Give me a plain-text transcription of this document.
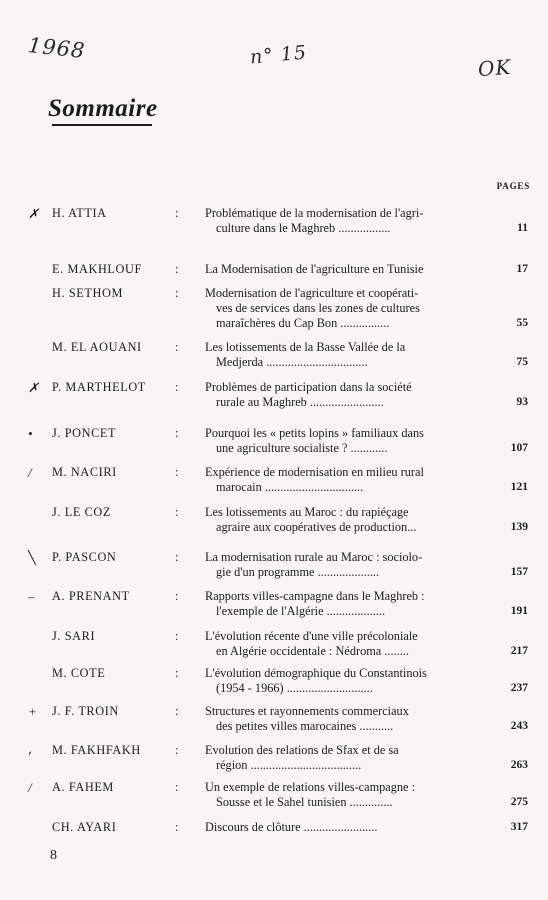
1968	n° 15	OK
Sommaire
PAGES
✗ H. ATTIA	: Problématique de la modernisation de l'agri-
culture dans le Maghreb .................	11
E. MAKHLOUF	: La Modernisation de l'agriculture en Tunisie	17
H. SETHOM	: Modernisation de l'agriculture et coopérati-
ves de services dans les zones de cultures
maraîchères du Cap Bon ................	55
M. EL AOUANI	: Les lotissements de la Basse Vallée de la
Medjerda .................................	75
✗ P. MARTHELOT : Problèmes de participation dans la société
rurale au Maghreb ........................	93
• J. PONCET	: Pourquoi les « petits lopins » familiaux dans
une agriculture socialiste ? ............	107
/ M. NACIRI	: Expérience de modernisation en milieu rural
marocain ................................	121
J. LE COZ	: Les lotissements au Maroc : du rapiéçage
agraire aux coopératives de production...	139
╲ P. PASCON	: La modernisation rurale au Maroc : sociolo-
gie d'un programme ....................	157
– A. PRENANT	: Rapports villes-campagne dans le Maghreb :
l'exemple de l'Algérie ...................	191
J. SARI	: L'évolution récente d'une ville précoloniale
en Algérie occidentale : Nédroma ........	217
M. COTE	: L'évolution démographique du Constantinois
(1954 - 1966) ............................	237
+ J. F. TROIN	: Structures et rayonnements commerciaux
des petites villes marocaines ...........	243
⸴ M. FAKHFAKH	: Evolution des relations de Sfax et de sa
région ....................................	263
/ A. FAHEM	: Un exemple de relations villes-campagne :
Sousse et le Sahel tunisien ..............	275
CH. AYARI	: Discours de clôture ........................	317
8
